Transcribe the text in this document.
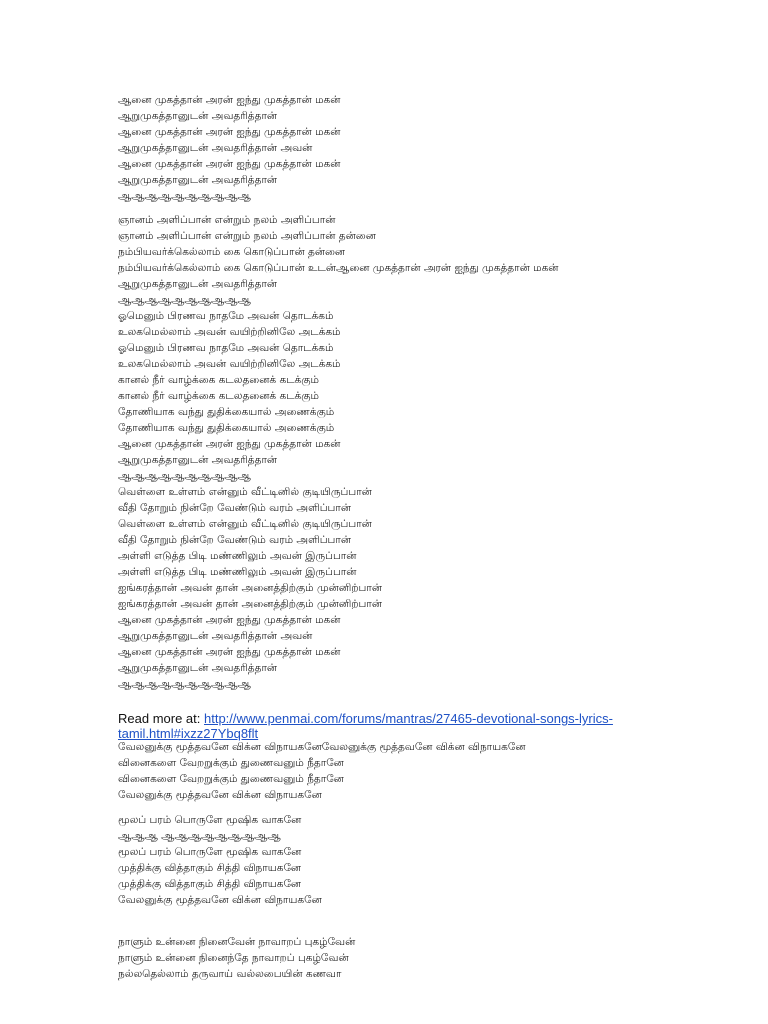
ஆனை முகத்தான் அரன் ஐந்து முகத்தான் மகன்
ஆறுமுகத்தானுடன் அவதரித்தான்
ஆனை முகத்தான் அரன் ஐந்து முகத்தான் மகன்
ஆறுமுகத்தானுடன் அவதரித்தான் அவன்
ஆனை முகத்தான் அரன் ஐந்து முகத்தான் மகன்
ஆறுமுகத்தானுடன் அவதரித்தான்
ஆஆஆஆஆஆஆஆஆஆ
ஞானம் அளிப்பான் என்றும் நலம் அளிப்பான்
ஞானம் அளிப்பான் என்றும் நலம் அளிப்பான் தன்னை
நம்பியவர்க்கெல்லாம் கை கொடுப்பான் தன்னை
நம்பியவர்க்கெல்லாம் கை கொடுப்பான் உடன்ஆனை முகத்தான் அரன் ஐந்து முகத்தான் மகன்
ஆறுமுகத்தானுடன் அவதரித்தான்
ஆஆஆஆஆஆஆஆஆஆ
ஓமெனும் பிரணவ நாதமே அவன் தொடக்கம்
உலகமெல்லாம் அவன் வயிற்றினிலே அடக்கம்
ஓமெனும் பிரணவ நாதமே அவன் தொடக்கம்
உலகமெல்லாம் அவன் வயிற்றினிலே அடக்கம்
கானல் நீர் வாழ்க்கை கடலதனைக் கடக்கும்
கானல் நீர் வாழ்க்கை கடலதனைக் கடக்கும்
தோணியாக வந்து துதிக்கையால் அணைக்கும்
தோணியாக வந்து துதிக்கையால் அணைக்கும்
ஆனை முகத்தான் அரன் ஐந்து முகத்தான் மகன்
ஆறுமுகத்தானுடன் அவதரித்தான்
ஆஆஆஆஆஆஆஆஆஆ
வெள்ளை உள்ளம் என்னும் வீட்டினில் குடியிருப்பான்
வீதி தோறும் நின்றே வேண்டும் வரம் அளிப்பான்
வெள்ளை உள்ளம் என்னும் வீட்டினில் குடியிருப்பான்
வீதி தோறும் நின்றே வேண்டும் வரம் அளிப்பான்
அள்ளி எடுத்த பிடி மண்ணிலும் அவன் இருப்பான்
அள்ளி எடுத்த பிடி மண்ணிலும் அவன் இருப்பான்
ஐங்கரத்தான் அவன் தான் அனைத்திற்கும் முன்னிற்பான்
ஐங்கரத்தான் அவன் தான் அனைத்திற்கும் முன்னிற்பான்
ஆனை முகத்தான் அரன் ஐந்து முகத்தான் மகன்
ஆறுமுகத்தானுடன் அவதரித்தான் அவன்
ஆனை முகத்தான் அரன் ஐந்து முகத்தான் மகன்
ஆறுமுகத்தானுடன் அவதரித்தான்
ஆஆஆஆஆஆஆஆஆஆ
Read more at: http://www.penmai.com/forums/mantras/27465-devotional-songs-lyrics-tamil.html#ixzz27Ybq8flt
வேலனுக்கு மூத்தவனே விக்ன விநாயகனேவேலனுக்கு மூத்தவனே விக்ன விநாயகனே
வினைகளை வேறறுக்கும் துணைவனும் நீதானே
வினைகளை வேறறுக்கும் துணைவனும் நீதானே
வேலனுக்கு மூத்தவனே விக்ன விநாயகனே
மூலப் பரம் பொருளே மூஷிக வாகனே
ஆஆஆ ஆஆஆஆஆஆஆஆஆ
மூலப் பரம் பொருளே மூஷிக வாகனே
முத்திக்கு வித்தாகும் சித்தி விநாயகனே
முத்திக்கு வித்தாகும் சித்தி விநாயகனே
வேலனுக்கு மூத்தவனே விக்ன விநாயகனே
நாளும் உன்னை நினைவேன் நாவாறப் புகழ்வேன்
நாளும் உன்னை நினைந்தே நாவாறப் புகழ்வேன்
நல்லதெல்லாம் தருவாய் வல்லபையின் கணவா
